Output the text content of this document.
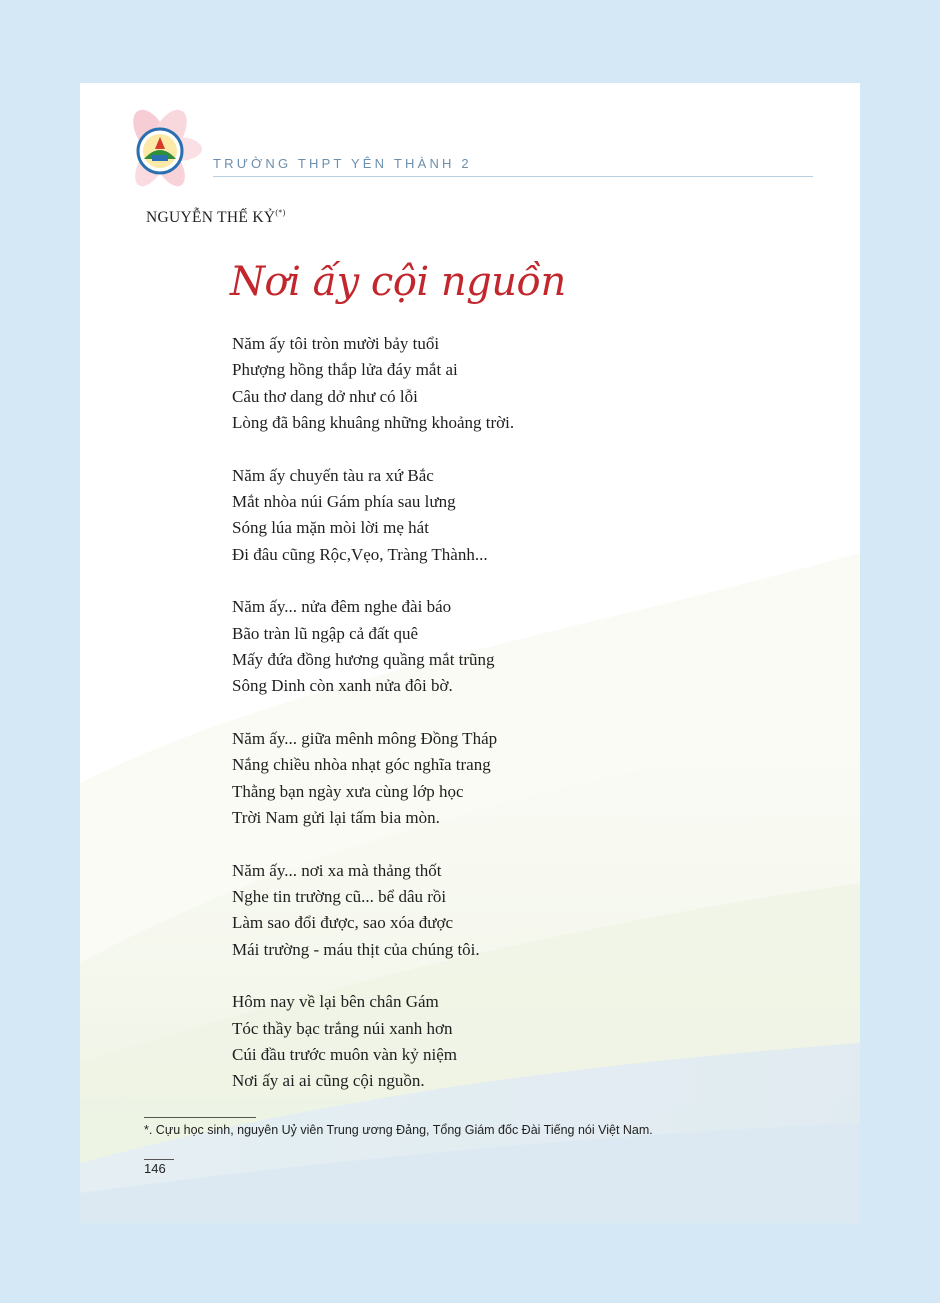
TRƯỜNG THPT YÊN THÀNH 2
NGUYỄN THẾ KỶ(*)
Nơi ấy cội nguồn
Năm ấy tôi tròn mười bảy tuổi
Phượng hồng thắp lửa đáy mắt ai
Câu thơ dang dở như có lỗi
Lòng đã bâng khuâng những khoảng trời.
Năm ấy chuyến tàu ra xứ Bắc
Mắt nhòa núi Gám phía sau lưng
Sóng lúa mặn mòi lời mẹ hát
Đi đâu cũng Rộc,Vẹo, Tràng Thành...
Năm ấy... nửa đêm nghe đài báo
Bão tràn lũ ngập cả đất quê
Mấy đứa đồng hương quầng mắt trũng
Sông Dinh còn xanh nửa đôi bờ.
Năm ấy... giữa mênh mông Đồng Tháp
Nắng chiều nhòa nhạt góc nghĩa trang
Thằng bạn ngày xưa cùng lớp học
Trời Nam gửi lại tấm bia mòn.
Năm ấy... nơi xa mà thảng thốt
Nghe tin trường cũ... bể dâu rồi
Làm sao đổi được, sao xóa được
Mái trường - máu thịt của chúng tôi.
Hôm nay về lại bên chân Gám
Tóc thầy bạc trắng núi xanh hơn
Cúi đầu trước muôn vàn kỷ niệm
Nơi ấy ai ai cũng cội nguồn.
*. Cựu học sinh, nguyên Uỷ viên Trung ương Đảng, Tổng Giám đốc Đài Tiếng nói Việt Nam.
146
